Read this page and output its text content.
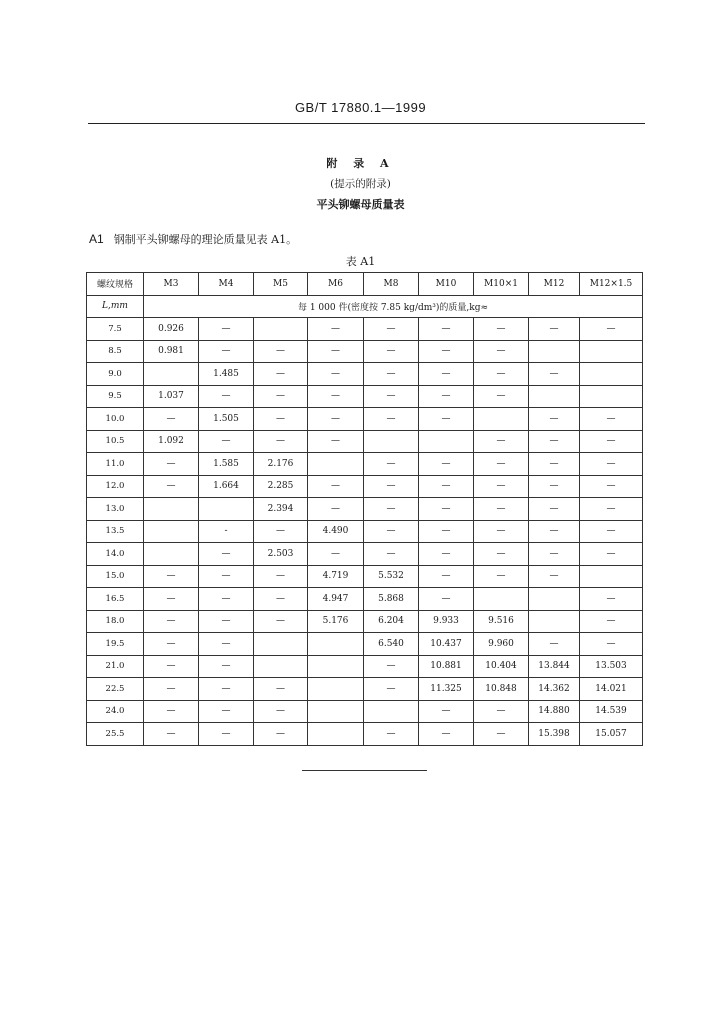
GB/T 17880.1—1999
附 录 A
(提示的附录)
平头铆螺母质量表
A1 钢制平头铆螺母的理论质量见表 A1。
表 A1
螺纹规格	M3	M4	M5	M6	M8	M10	M10×1	M12	M12×1.5
L,mm	每 1 000 件(密度按 7.85 kg/dm³)的质量,kg≈								
7.5	0.926	—		—	—	—	—	—	—
8.5	0.981	—	—	—	—	—	—		
9.0		1.485	—	—	—	—	—	—	
9.5	1.037	—	—	—	—	—	—		
10.0	—	1.505	—	—	—	—		—	—
10.5	1.092	—	—	—			—	—	—
11.0	—	1.585	2.176		—	—	—	—	—
12.0	—	1.664	2.285	—	—	—	—	—	—
13.0			2.394	—	—	—	—	—	—
13.5		-	—	4.490	—	—	—	—	—
14.0		—	2.503	—	—	—	—	—	—
15.0	—	—	—	4.719	5.532	—	—	—	
16.5	—	—	—	4.947	5.868	—			—
18.0	—	—	—	5.176	6.204	9.933	9.516		—
19.5	—	—			6.540	10.437	9.960	—	—
21.0	—	—			—	10.881	10.404	13.844	13.503
22.5	—	—	—		—	11.325	10.848	14.362	14.021
24.0	—	—	—			—	—	14.880	14.539
25.5	—	—	—		—	—	—	15.398	15.057
